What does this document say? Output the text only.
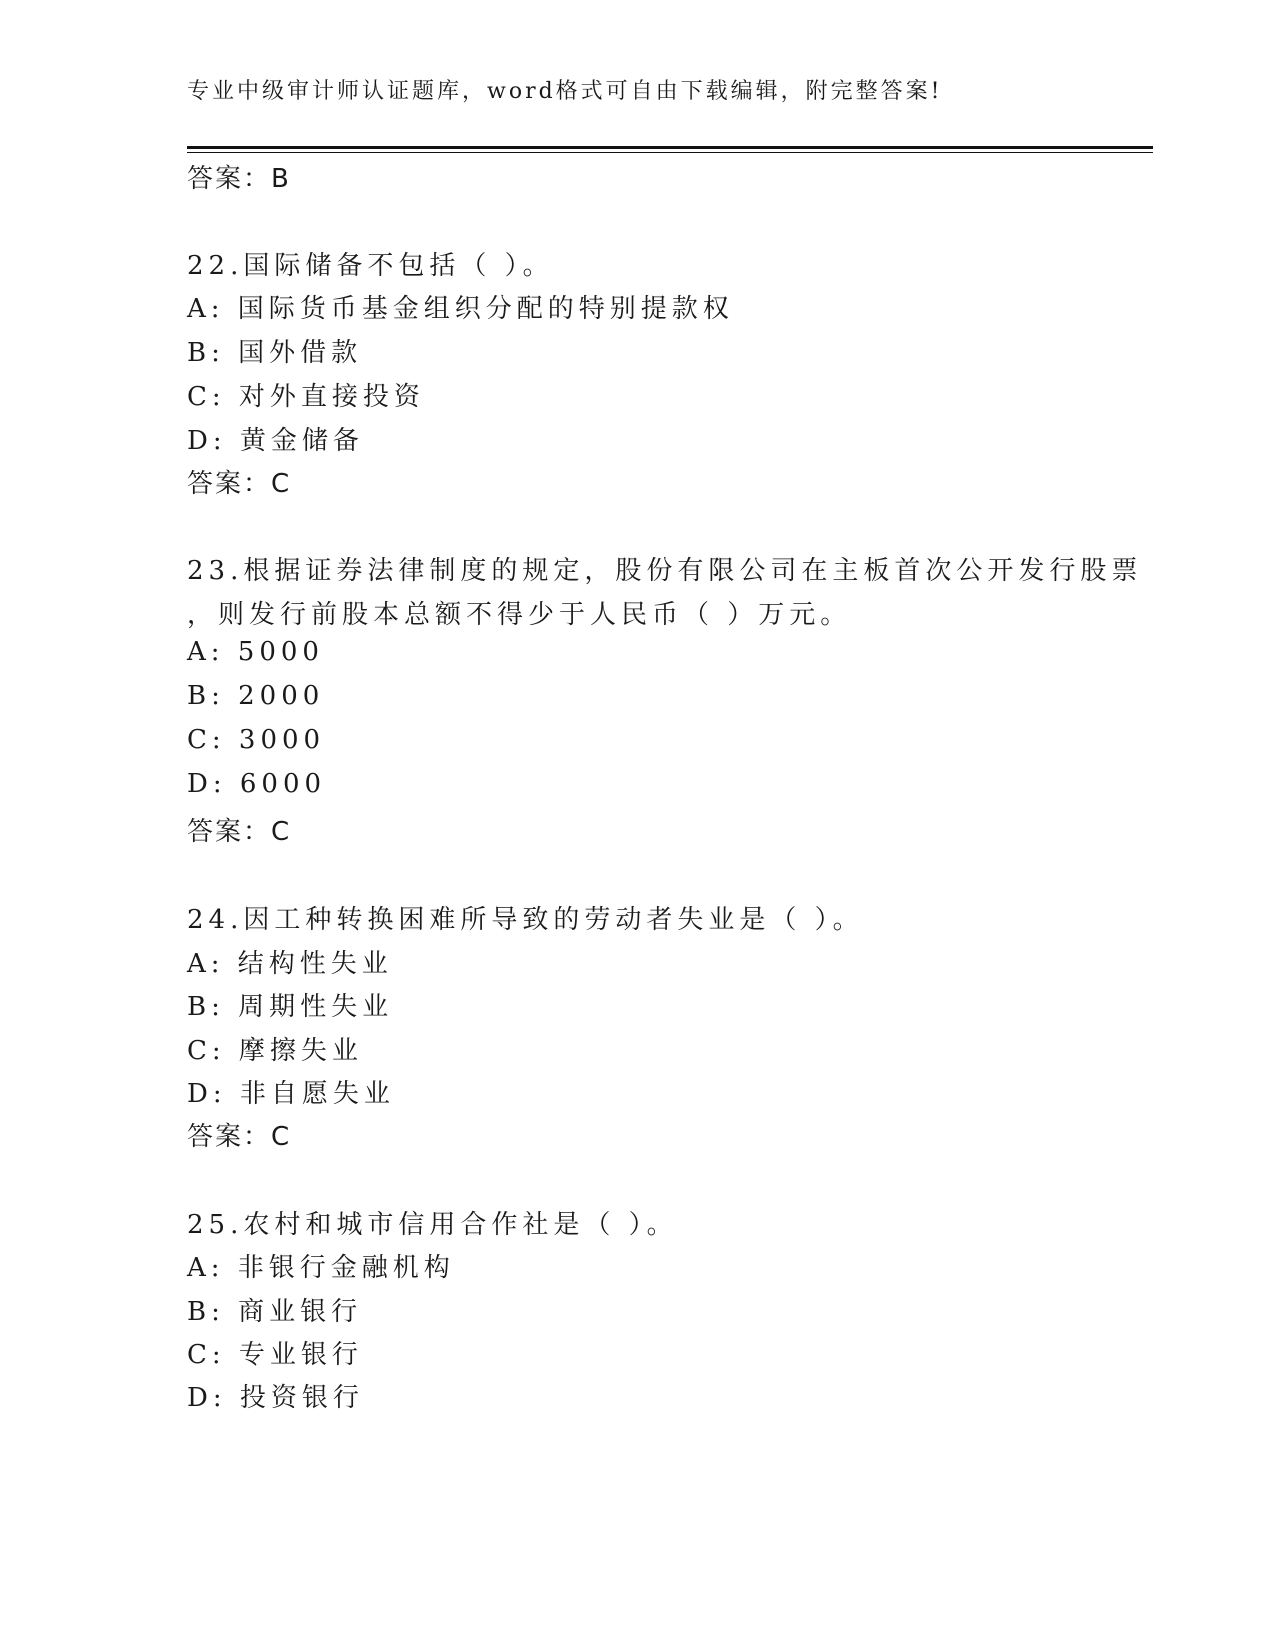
专业中级审计师认证题库，word格式可自由下载编辑，附完整答案!
答案：B
22.国际储备不包括（ ）。
A: 国际货币基金组织分配的特别提款权
B: 国外借款
C: 对外直接投资
D: 黄金储备
答案：C
23.根据证券法律制度的规定，股份有限公司在主板首次公开发行股票
，则发行前股本总额不得少于人民币（ ）万元。
A: 5000
B: 2000
C: 3000
D: 6000
答案：C
24.因工种转换困难所导致的劳动者失业是（ ）。
A: 结构性失业
B: 周期性失业
C: 摩擦失业
D: 非自愿失业
答案：C
25.农村和城市信用合作社是（ ）。
A: 非银行金融机构
B: 商业银行
C: 专业银行
D: 投资银行
